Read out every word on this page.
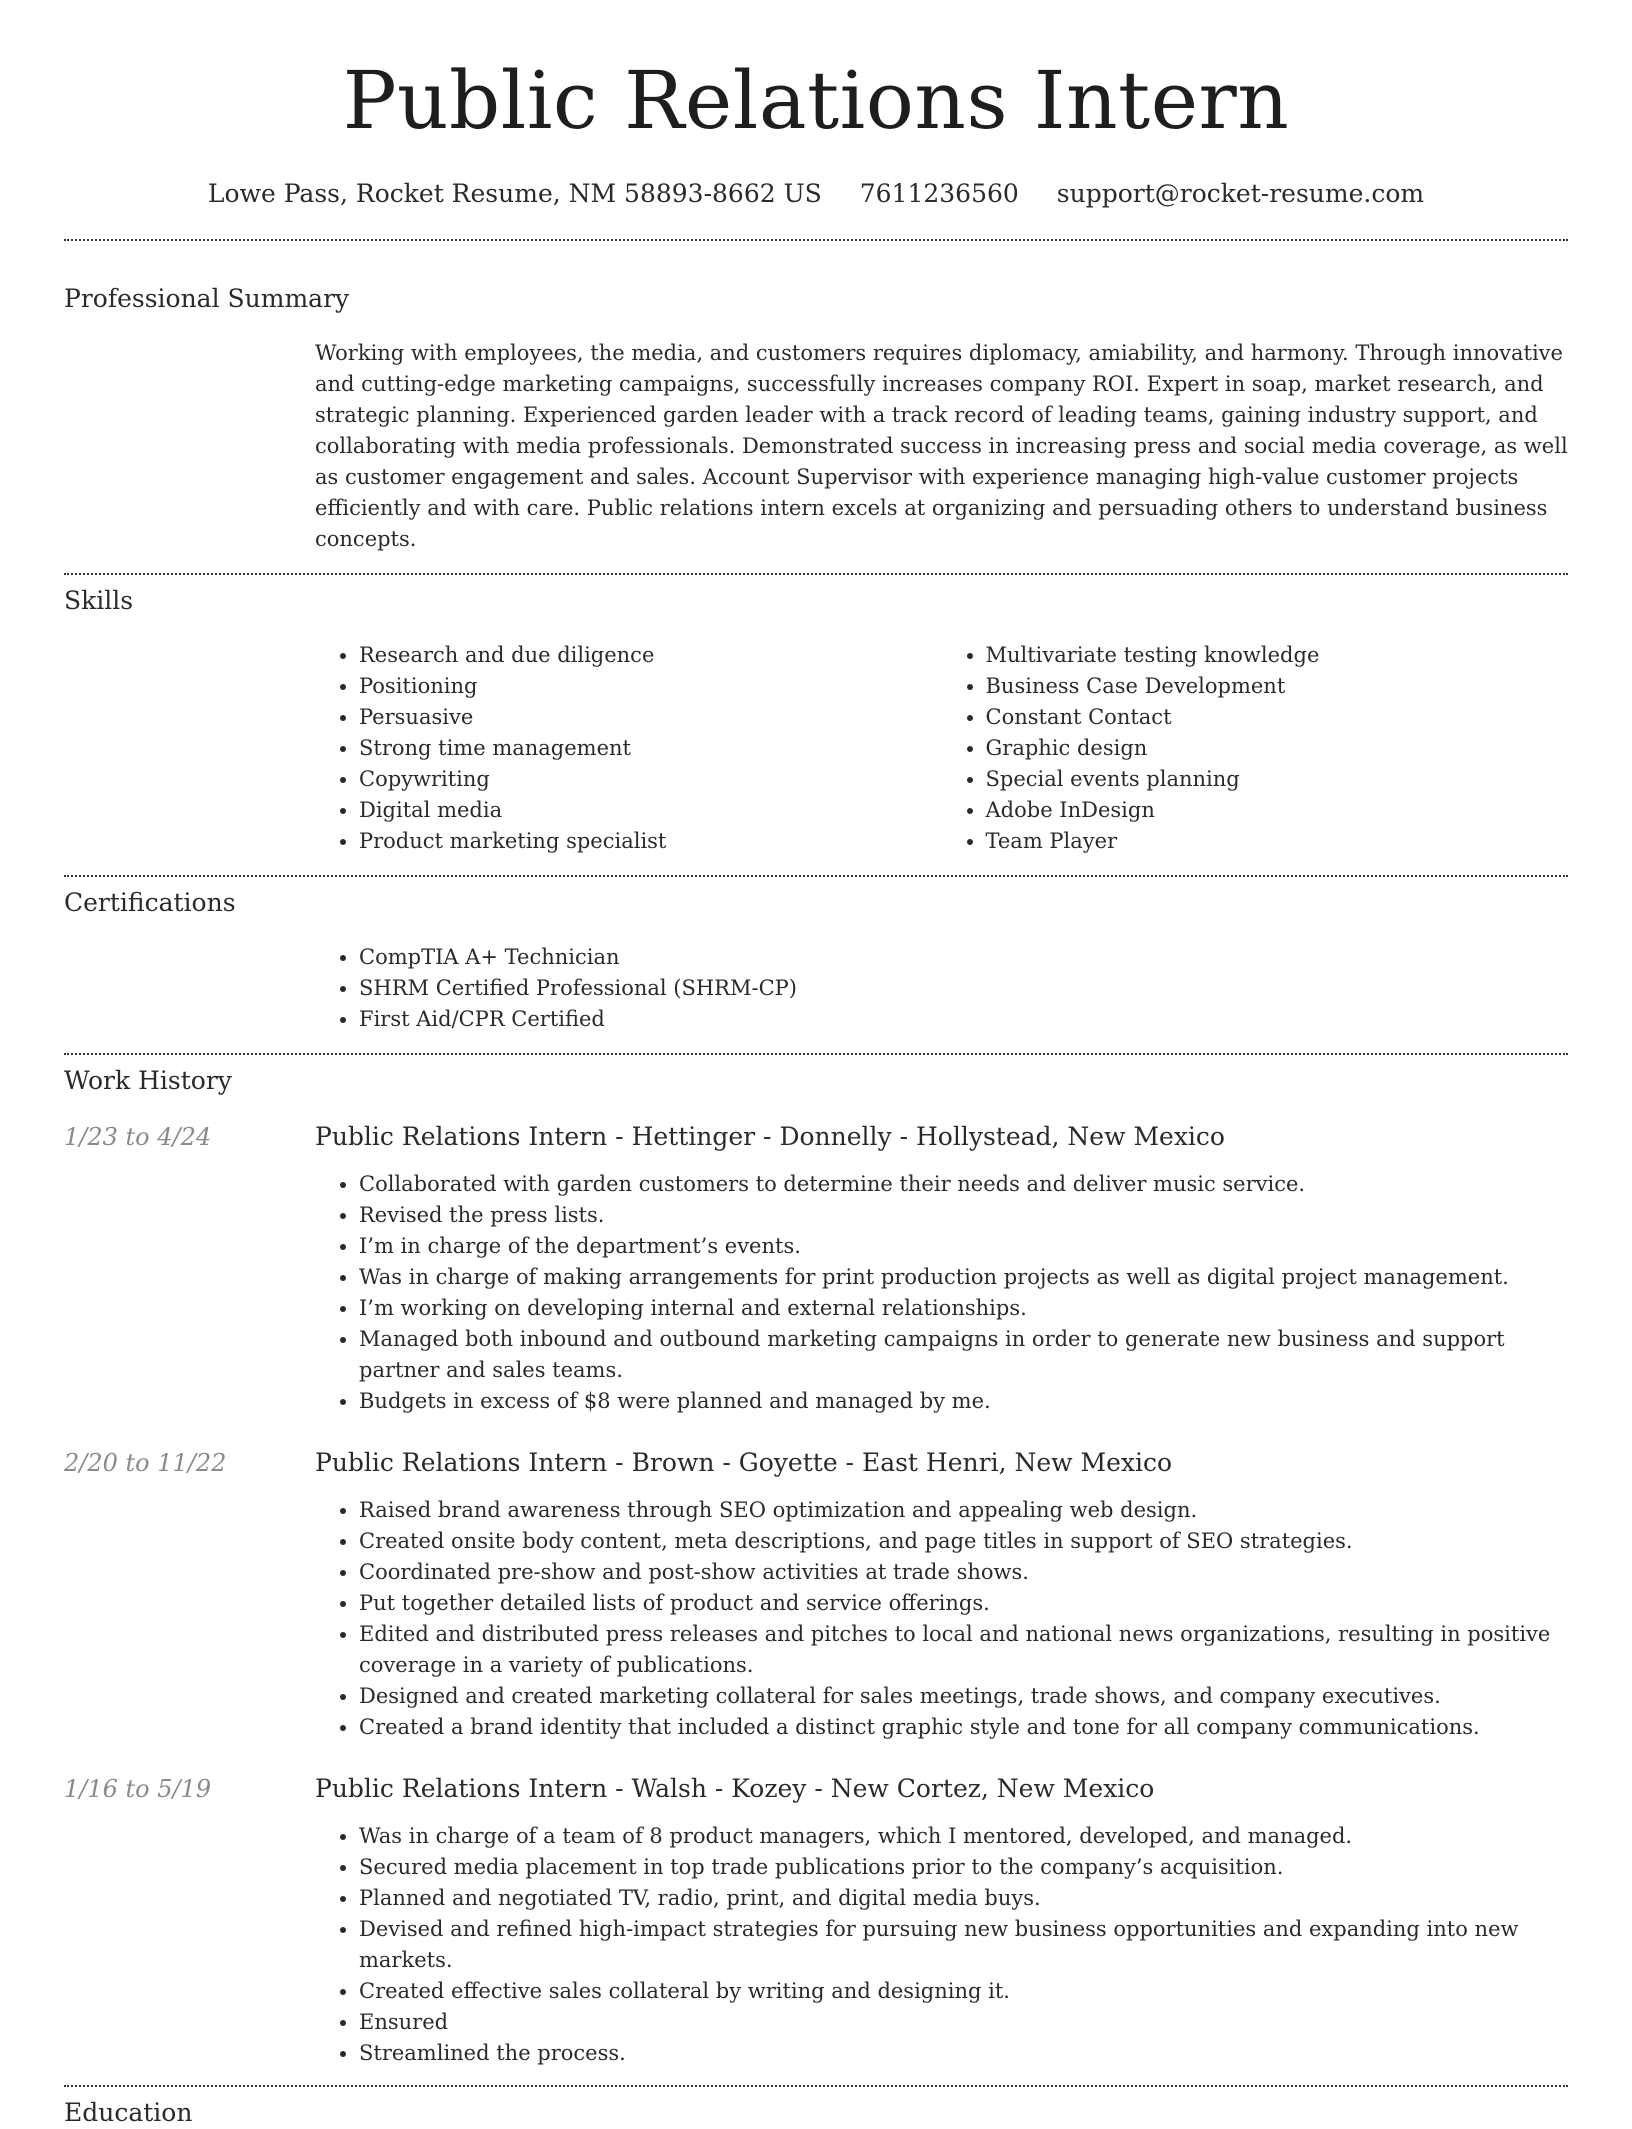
Public Relations Intern
Lowe Pass, Rocket Resume, NM 58893-8662 US 7611236560 support@rocket-resume.com
Professional Summary

Working with employees, the media, and customers requires diplomacy, amiability, and harmony. Through innovative and cutting-edge marketing campaigns, successfully increases company ROI. Expert in soap, market research, and strategic planning. Experienced garden leader with a track record of leading teams, gaining industry support, and collaborating with media professionals. Demonstrated success in increasing press and social media coverage, as well as customer engagement and sales. Account Supervisor with experience managing high-value customer projects efficiently and with care. Public relations intern excels at organizing and persuading others to understand business concepts.

Skills
• Research and due diligence
• Positioning
• Persuasive
• Strong time management
• Copywriting
• Digital media
• Product marketing specialist
• Multivariate testing knowledge
• Business Case Development
• Constant Contact
• Graphic design
• Special events planning
• Adobe InDesign
• Team Player
Certifications
• CompTIA A+ Technician
• SHRM Certified Professional (SHRM-CP)
• First Aid/CPR Certified
Work History
1/23 to 4/24	Public Relations Intern - Hettinger - Donnelly - Hollystead, New Mexico
• Collaborated with garden customers to determine their needs and deliver music service.
• Revised the press lists.
• I’m in charge of the department’s events.
• Was in charge of making arrangements for print production projects as well as digital project management.
• I’m working on developing internal and external relationships.
• Managed both inbound and outbound marketing campaigns in order to generate new business and support partner and sales teams.
• Budgets in excess of $8 were planned and managed by me.
2/20 to 11/22	Public Relations Intern - Brown - Goyette - East Henri, New Mexico
• Raised brand awareness through SEO optimization and appealing web design.
• Created onsite body content, meta descriptions, and page titles in support of SEO strategies.
• Coordinated pre-show and post-show activities at trade shows.
• Put together detailed lists of product and service offerings.
• Edited and distributed press releases and pitches to local and national news organizations, resulting in positive coverage in a variety of publications.
• Designed and created marketing collateral for sales meetings, trade shows, and company executives.
• Created a brand identity that included a distinct graphic style and tone for all company communications.
1/16 to 5/19	Public Relations Intern - Walsh - Kozey - New Cortez, New Mexico
• Was in charge of a team of 8 product managers, which I mentored, developed, and managed.
• Secured media placement in top trade publications prior to the company’s acquisition.
• Planned and negotiated TV, radio, print, and digital media buys.
• Devised and refined high-impact strategies for pursuing new business opportunities and expanding into new markets.
• Created effective sales collateral by writing and designing it.
• Ensured
• Streamlined the process.
Education
